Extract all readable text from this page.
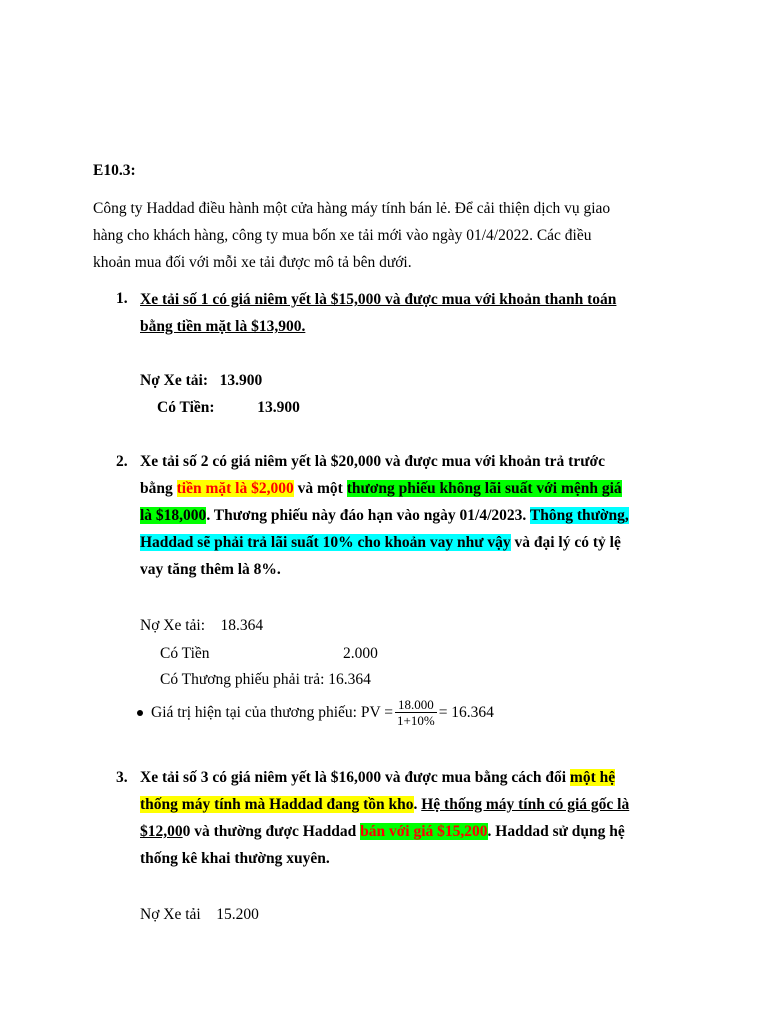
E10.3:
Công ty Haddad điều hành một cửa hàng máy tính bán lẻ. Để cải thiện dịch vụ giao
hàng cho khách hàng, công ty mua bốn xe tải mới vào ngày 01/4/2022. Các điều
khoản mua đối với mỗi xe tải được mô tả bên dưới.
1. Xe tải số 1 có giá niêm yết là $15,000 và được mua với khoản thanh toán
bằng tiền mặt là $13,900.
Nợ Xe tải:   13.900
Có Tiền:           13.900
2. Xe tải số 2 có giá niêm yết là $20,000 và được mua với khoản trả trước
bằng tiền mặt là $2,000 và một thương phiếu không lãi suất với mệnh giá
là $18,000. Thương phiếu này đáo hạn vào ngày 01/4/2023. Thông thường,
Haddad sẽ phải trả lãi suất 10% cho khoản vay như vậy và đại lý có tỷ lệ
vay tăng thêm là 8%.
Nợ Xe tải:    18.364
Có Tiền	2.000
Có Thương phiếu phải trả: 16.364
Giá trị hiện tại của thương phiếu: PV = $\frac{18.000}{1+10\%} = 16.364$
3. Xe tải số 3 có giá niêm yết là $16,000 và được mua bằng cách đổi một hệ
thống máy tính mà Haddad đang tồn kho. Hệ thống máy tính có giá gốc là
$12,000 và thường được Haddad bán với giá $15,200. Haddad sử dụng hệ
thống kê khai thường xuyên.
Nợ Xe tải    15.200
